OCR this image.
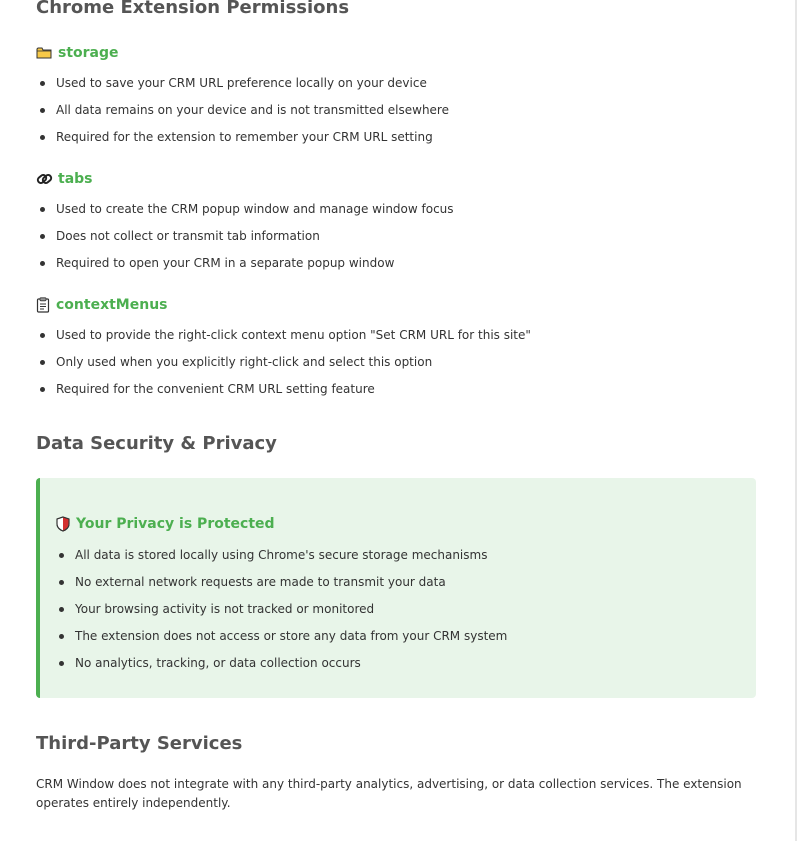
Chrome Extension Permissions
storage
Used to save your CRM URL preference locally on your device
All data remains on your device and is not transmitted elsewhere
Required for the extension to remember your CRM URL setting
tabs
Used to create the CRM popup window and manage window focus
Does not collect or transmit tab information
Required to open your CRM in a separate popup window
contextMenus
Used to provide the right-click context menu option "Set CRM URL for this site"
Only used when you explicitly right-click and select this option
Required for the convenient CRM URL setting feature
Data Security & Privacy
Your Privacy is Protected
All data is stored locally using Chrome's secure storage mechanisms
No external network requests are made to transmit your data
Your browsing activity is not tracked or monitored
The extension does not access or store any data from your CRM system
No analytics, tracking, or data collection occurs
Third-Party Services

CRM Window does not integrate with any third-party analytics, advertising, or data collection services. The extension operates entirely independently.
